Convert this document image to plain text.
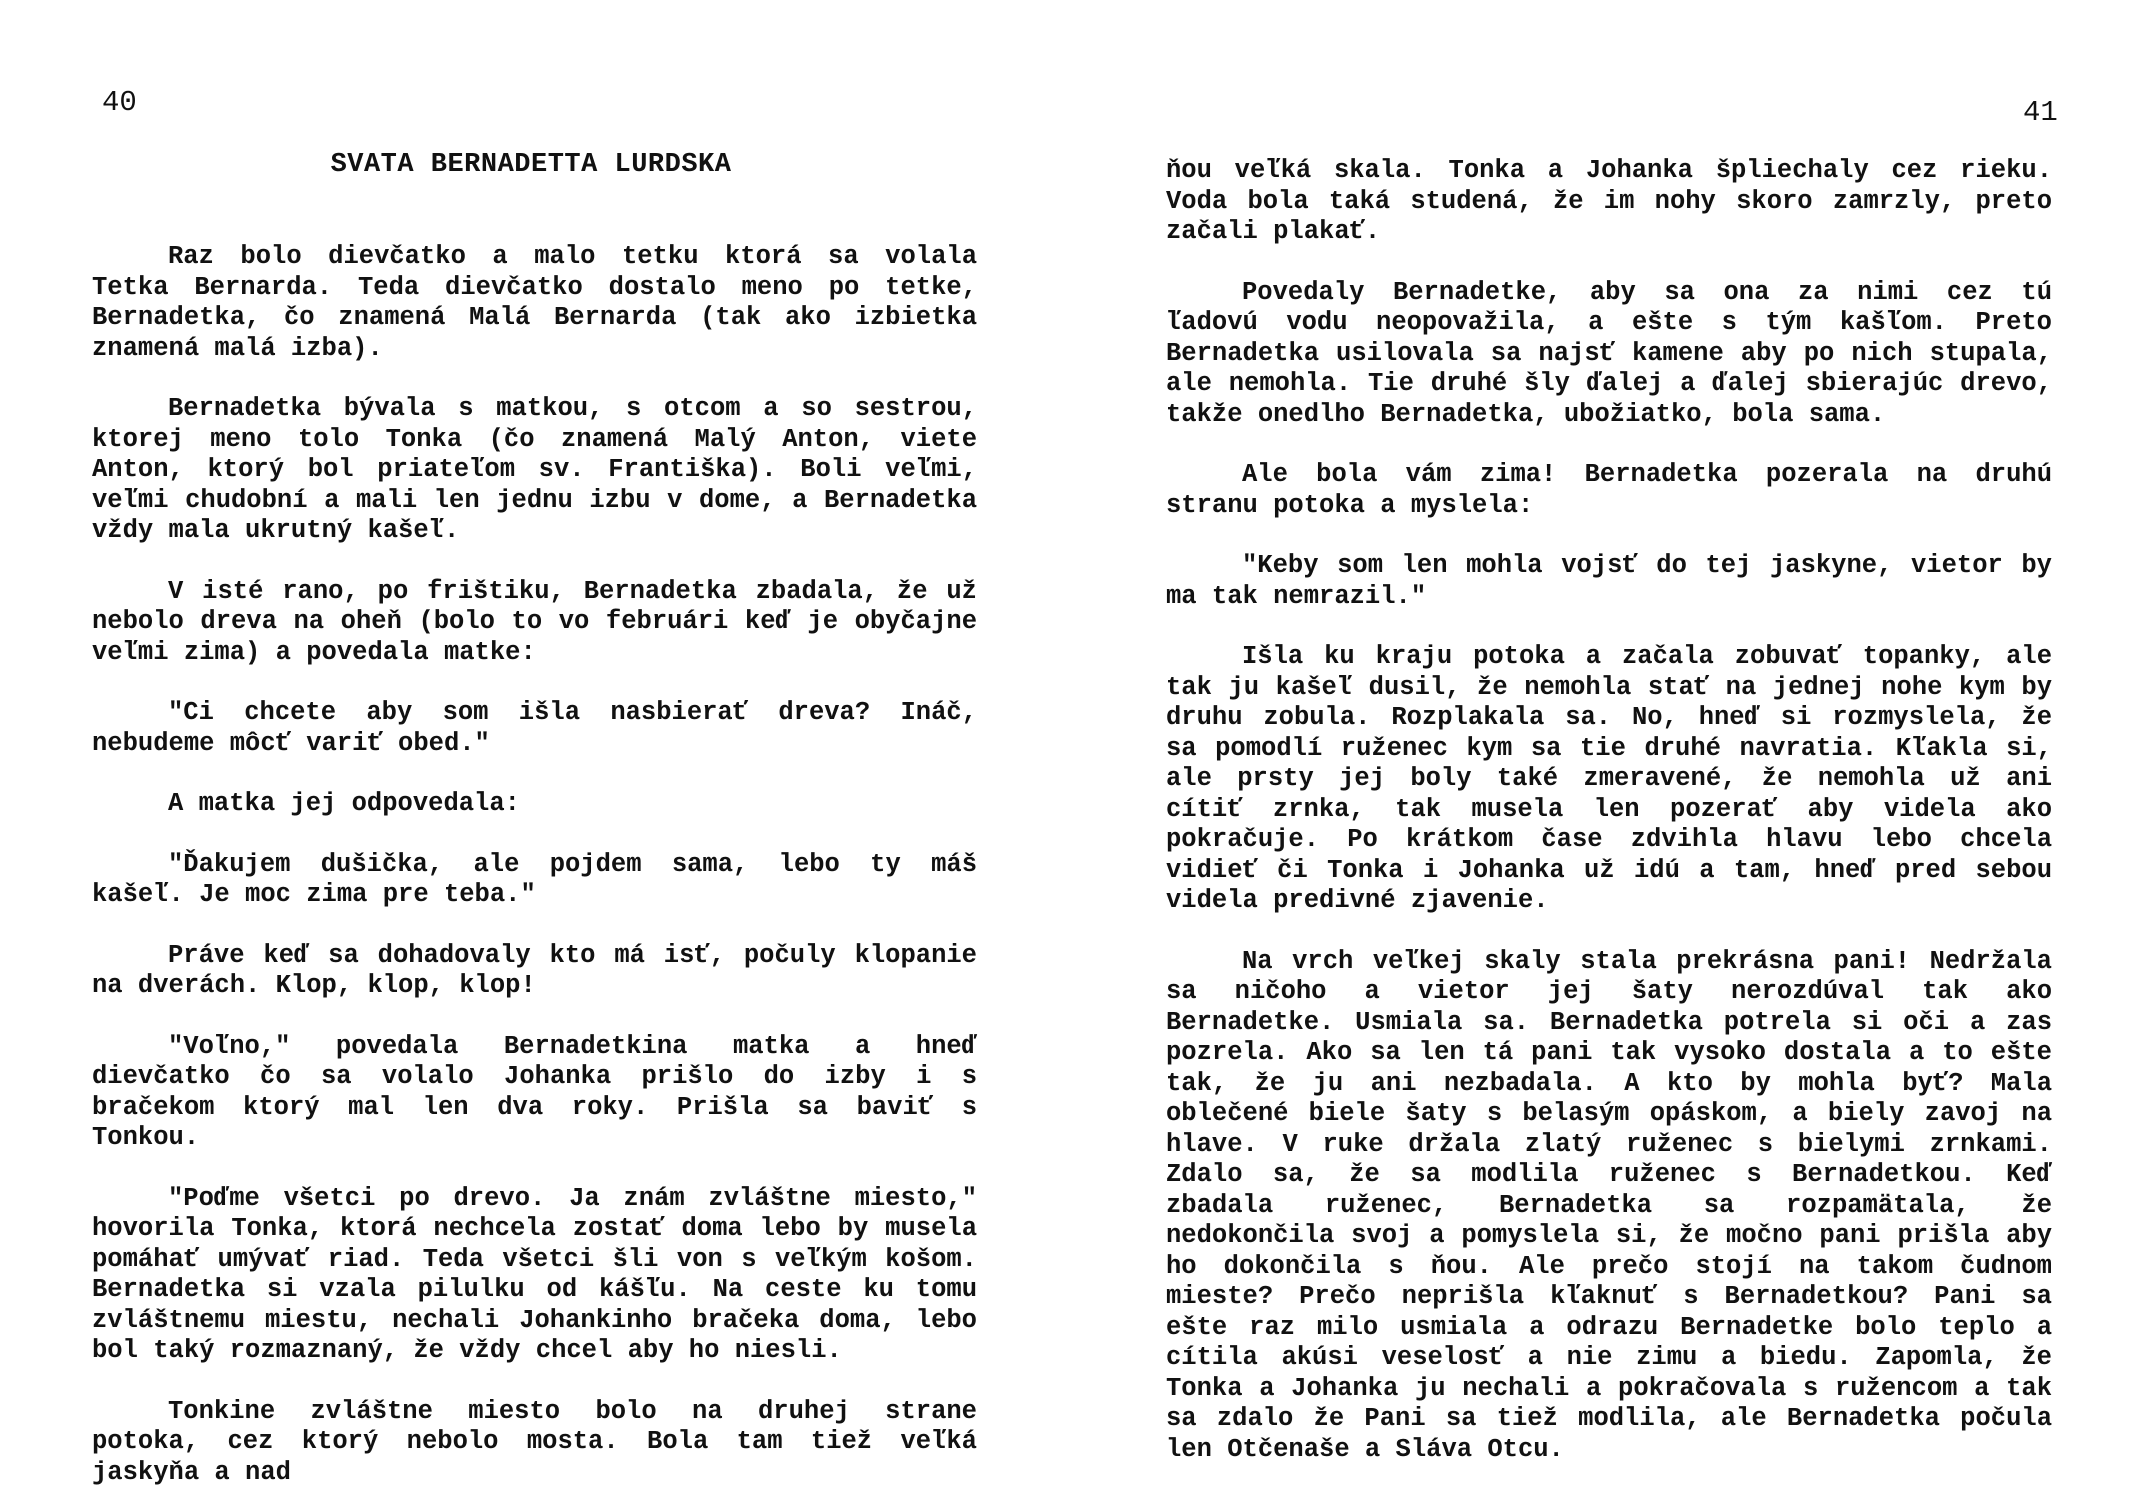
40
SVATA BERNADETTA LURDSKA

Raz bolo dievčatko a malo tetku ktorá sa volala Tetka Bernarda. Teda dievčatko dostalo meno po tetke, Bernadetka, čo znamená Malá Bernarda (tak ako izbietka znamená malá izba).

Bernadetka bývala s matkou, s otcom a so sestrou, ktorej meno tolo Tonka (čo znamená Malý Anton, viete Anton, ktorý bol priateľom sv. Františka). Boli veľmi, veľmi chudobní a mali len jednu izbu v dome, a Bernadetka vždy mala ukrutný kašeľ.

V isté rano, po frištiku, Bernadetka zbadala, že už nebolo dreva na oheň (bolo to vo februári keď je obyčajne veľmi zima) a povedala matke:

"Ci chcete aby som išla nasbierať dreva? Ináč, nebudeme môcť variť obed."

A matka jej odpovedala:

"Ďakujem dušička, ale pojdem sama, lebo ty máš kašeľ. Je moc zima pre teba."

Práve keď sa dohadovaly kto má isť, počuly klopanie na dverách. Klop, klop, klop!

"Voľno," povedala Bernadetkina matka a hneď dievčatko čo sa volalo Johanka prišlo do izby i s bračekom ktorý mal len dva roky. Prišla sa baviť s Tonkou.

"Poďme všetci po drevo. Ja znám zvláštne miesto," hovorila Tonka, ktorá nechcela zostať doma lebo by musela pomáhať umývať riad. Teda všetci šli von s veľkým košom. Bernadetka si vzala pilulku od kášľu. Na ceste ku tomu zvláštnemu miestu, nechali Johankinho bračeka doma, lebo bol taký rozmaznaný, že vždy chcel aby ho niesli.

Tonkine zvláštne miesto bolo na druhej strane potoka, cez ktorý nebolo mosta. Bola tam tiež veľká jaskyňa a nad

41

ňou veľká skala. Tonka a Johanka špliechaly cez rieku. Voda bola taká studená, že im nohy skoro zamrzly, preto začali plakať.

Povedaly Bernadetke, aby sa ona za nimi cez tú ľadovú vodu neopovažila, a ešte s tým kašľom. Preto Bernadetka usilovala sa najsť kamene aby po nich stupala, ale nemohla. Tie druhé šly ďalej a ďalej sbierajúc drevo, takže onedlho Bernadetka, ubožiatko, bola sama.

Ale bola vám zima! Bernadetka pozerala na druhú stranu potoka a myslela:

"Keby som len mohla vojsť do tej jaskyne, vietor by ma tak nemrazil."

Išla ku kraju potoka a začala zobuvať topanky, ale tak ju kašeľ dusil, že nemohla stať na jednej nohe kym by druhu zobula. Rozplakala sa. No, hneď si rozmyslela, že sa pomodlí ruženec kym sa tie druhé navratia. Kľakla si, ale prsty jej boly také zmeravené, že nemohla už ani cítiť zrnka, tak musela len pozerať aby videla ako pokračuje. Po krátkom čase zdvihla hlavu lebo chcela vidieť či Tonka i Johanka už idú a tam, hneď pred sebou videla predivné zjavenie.

Na vrch veľkej skaly stala prekrásna pani! Nedržala sa ničoho a vietor jej šaty nerozdúval tak ako Bernadetke. Usmiala sa. Bernadetka potrela si oči a zas pozrela. Ako sa len tá pani tak vysoko dostala a to ešte tak, že ju ani nezbadala. A kto by mohla byť? Mala oblečené biele šaty s belasým opáskom, a biely zavoj na hlave. V ruke držala zlatý ruženec s bielymi zrnkami. Zdalo sa, že sa modlila ruženec s Bernadetkou. Keď zbadala ruženec, Bernadetka sa rozpamätala, že nedokončila svoj a pomyslela si, že močno pani prišla aby ho dokončila s ňou. Ale prečo stojí na takom čudnom mieste? Prečo neprišla kľaknuť s Bernadetkou? Pani sa ešte raz milo usmiala a odrazu Bernadetke bolo teplo a cítila akúsi veselosť a nie zimu a biedu. Zapomla, že Tonka a Johanka ju nechali a pokračovala s ružencom a tak sa zdalo že Pani sa tiež modlila, ale Bernadetka počula len Otčenaše a Sláva Otcu.
